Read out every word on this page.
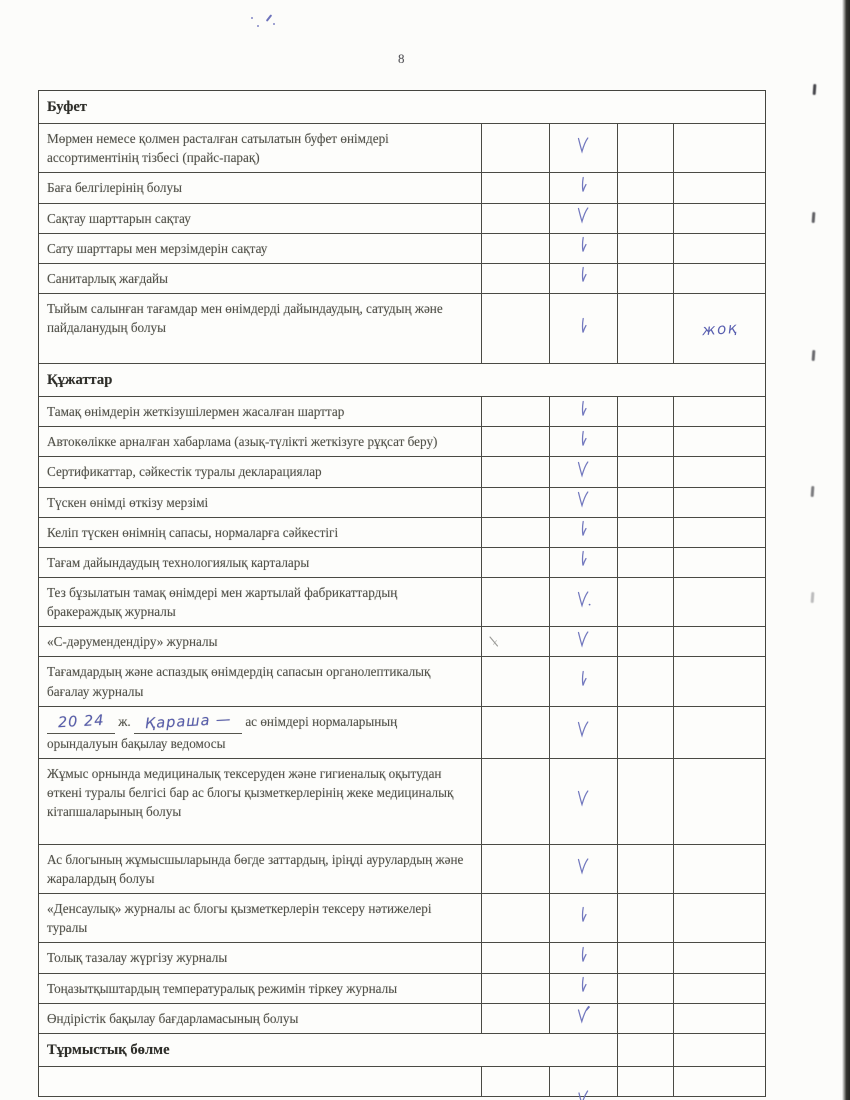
8
Буфет
Мөрмен немесе қолмен расталған сатылатын буфет өнімдері ассортиментінің тізбесі (прайс-парақ)
Баға белгілерінің болуы
Сақтау шарттарын сақтау
Сату шарттары мен мерзімдерін сақтау
Санитарлық жағдайы
Тыйым салынған тағамдар мен өнімдерді дайындаудың, сатудың және пайдаланудың болуы	жоқ
Құжаттар
Тамақ өнімдерін жеткізушілермен жасалған шарттар
Автокөлікке арналған хабарлама (азық-түлікті жеткізуге рұқсат беру)
Сертификаттар, сәйкестік туралы декларациялар
Түскен өнімді өткізу мерзімі
Келіп түскен өнімнің сапасы, нормаларға сәйкестігі
Тағам дайындаудың технологиялық карталары
Тез бұзылатын тамақ өнімдері мен жартылай фабрикаттардың бракераждық журналы
«С-дәрумендендіру» журналы
Тағамдардың және аспаздық өнімдердің сапасын органолептикалық бағалау журналы
20 24 ж. Қараша — ас өнімдері нормаларының орындалуын бақылау ведомосы
Жұмыс орнында медициналық тексеруден және гигиеналық оқытудан өткені туралы белгісі бар ас блогы қызметкерлерінің жеке медициналық кітапшаларының болуы
Ас блогының жұмысшыларында бөгде заттардың, іріңді аурулардың және жаралардың болуы
«Денсаулық» журналы ас блогы қызметкерлерін тексеру нәтижелері туралы
Толық тазалау жүргізу журналы
Тоңазытқыштардың температуралық режимін тіркеу журналы
Өндірістік бақылау бағдарламасының болуы
Тұрмыстық бөлме
